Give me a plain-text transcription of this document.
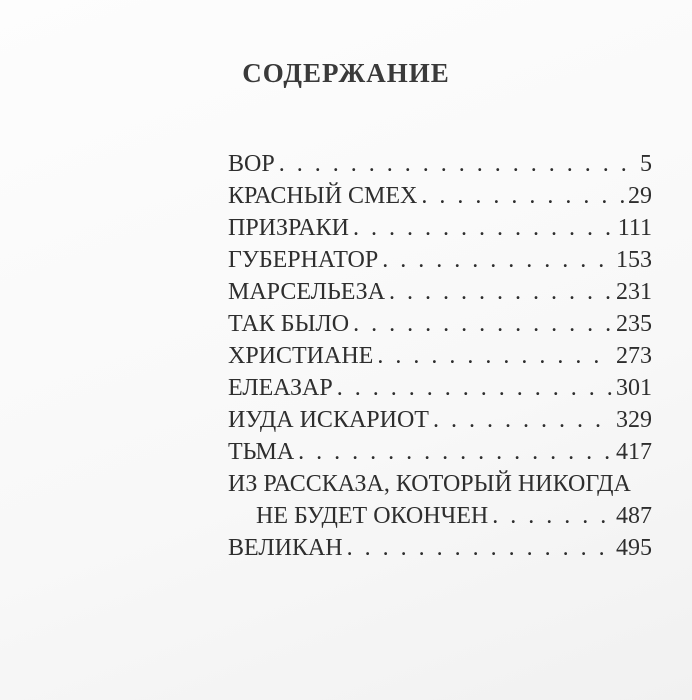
СОДЕРЖАНИЕ
ВОР . . .	5
КРАСНЫЙ СМЕХ . . .	29
ПРИЗРАКИ . . .	111
ГУБЕРНАТОР . . .	153
МАРСЕЛЬЕЗА . . .	231
ТАК БЫЛО . . .	235
ХРИСТИАНЕ . . .	273
ЕЛЕАЗАР . . .	301
ИУДА ИСКАРИОТ . . .	329
ТЬМА . . .	417
ИЗ РАССКАЗА, КОТОРЫЙ НИКОГДА
НЕ БУДЕТ ОКОНЧЕН . . .	487
ВЕЛИКАН . . .	495
